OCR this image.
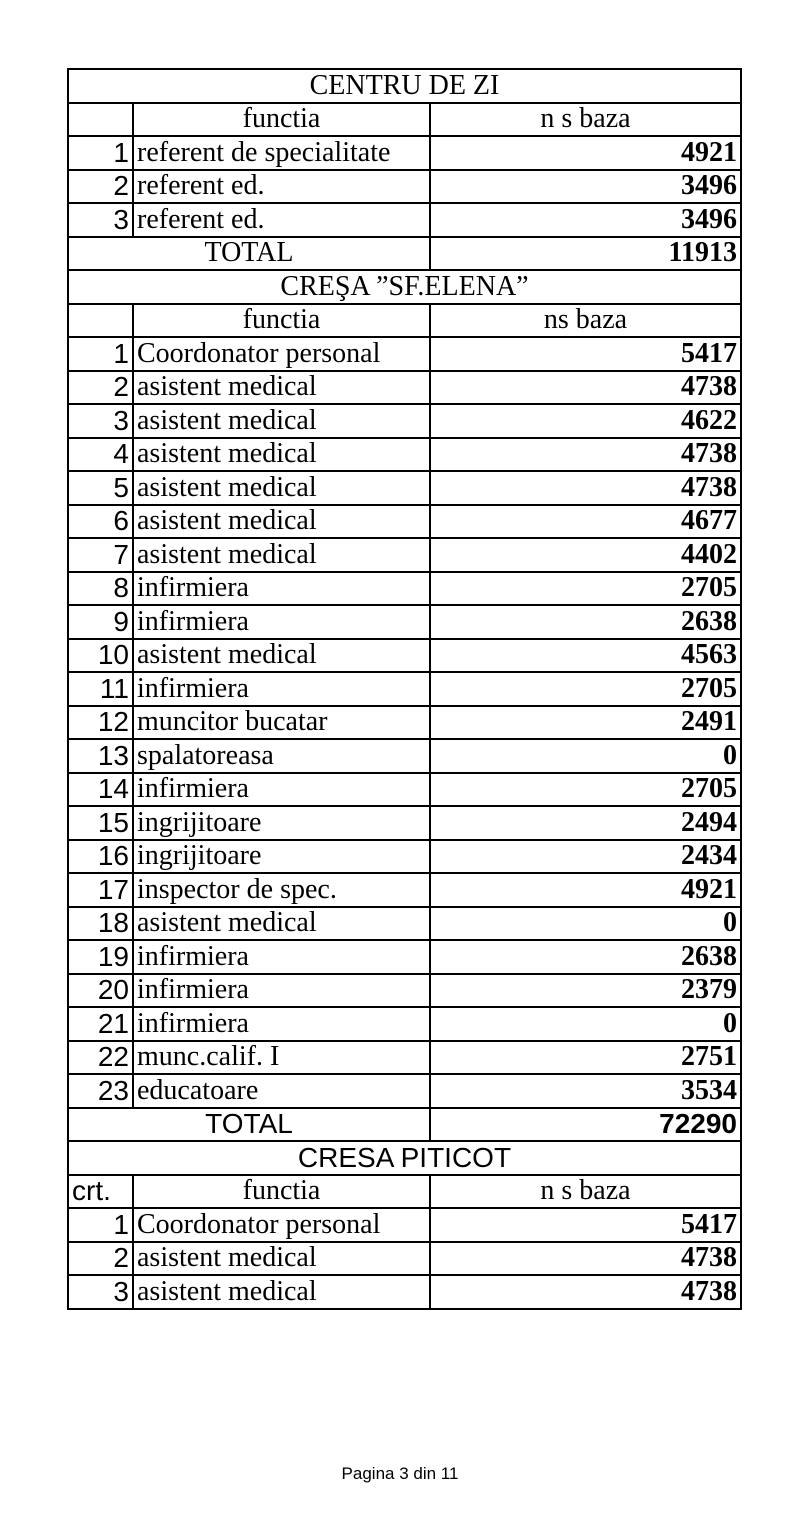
CENTRU DE ZI		
	functia	n s baza
1	referent de specialitate	4921
2	referent ed.	3496
3	referent ed.	3496
TOTAL		11913
CREŞA ”SF.ELENA”		
	functia	ns baza
1	Coordonator personal	5417
2	asistent medical	4738
3	asistent medical	4622
4	asistent medical	4738
5	asistent medical	4738
6	asistent medical	4677
7	asistent medical	4402
8	infirmiera	2705
9	infirmiera	2638
10	asistent medical	4563
11	infirmiera	2705
12	muncitor bucatar	2491
13	spalatoreasa	0
14	infirmiera	2705
15	ingrijitoare	2494
16	ingrijitoare	2434
17	inspector de spec.	4921
18	asistent medical	0
19	infirmiera	2638
20	infirmiera	2379
21	infirmiera	0
22	munc.calif. I	2751
23	educatoare	3534
TOTAL		72290
CRESA PITICOT		
crt.	functia	n s baza
1	Coordonator personal	5417
2	asistent medical	4738
3	asistent medical	4738
Pagina 3 din 11
